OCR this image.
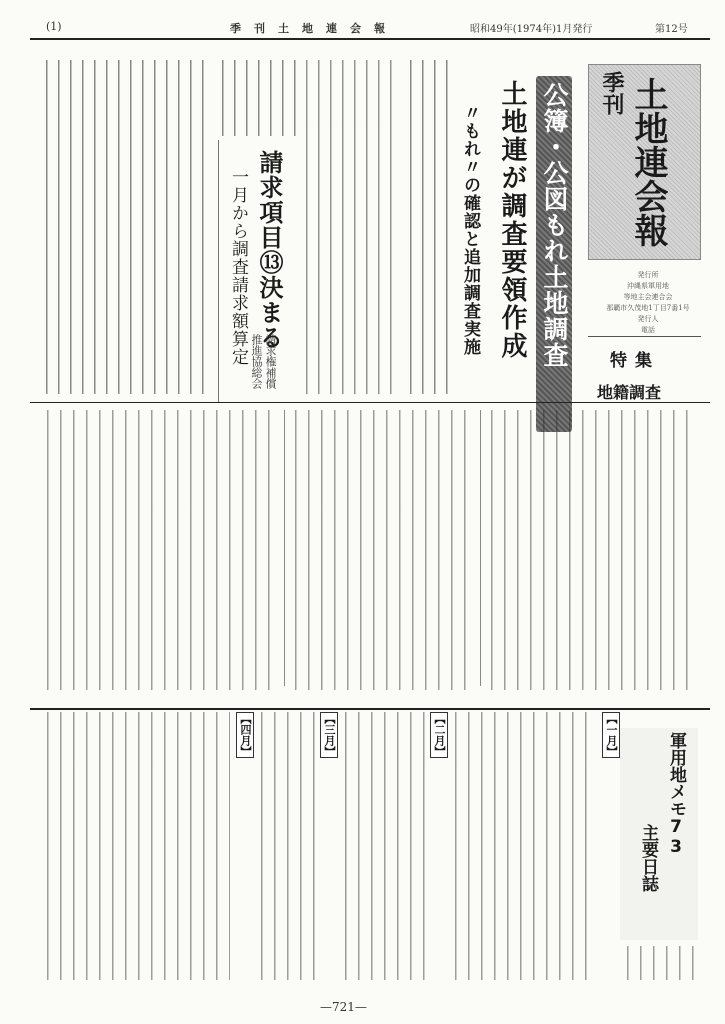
(1)	季　刊　土　地　連　会　報	昭和49年(1974年)1月発行	第12号
季刊 土地連会報
発行所
沖縄県軍用地
等地主会連合会
那覇市久茂地1丁目7番1号
発行人
電話
特集
地籍調査
公簿・公図もれ土地調査
土地連が調査要領作成
〃もれ〃の確認と追加調査実施
請求項目⑬決まる
一月から調査請求額算定 請求権補償
推進協総会
軍用地メモ73
主要日誌
【一月】
【二月】
【三月】
【四月】
—721—
